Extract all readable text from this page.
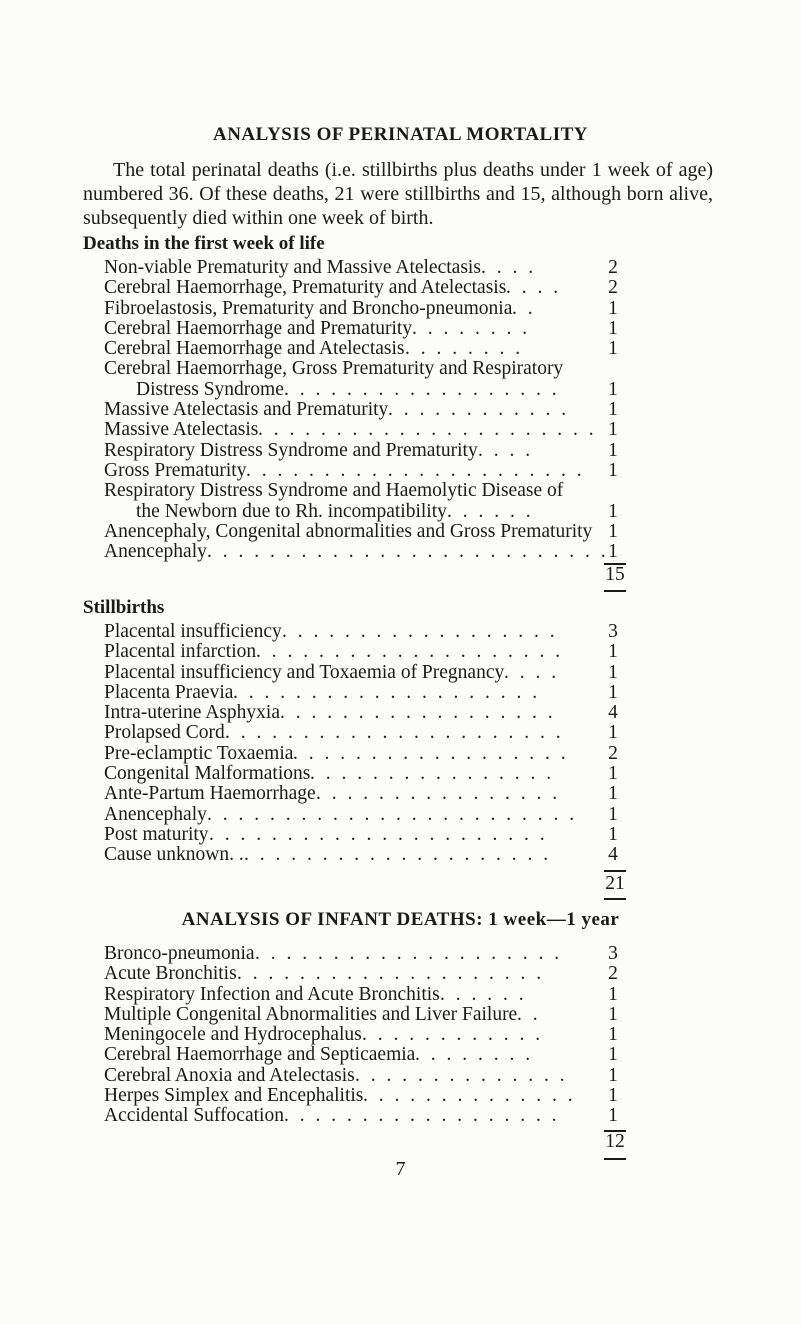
ANALYSIS OF PERINATAL MORTALITY
The total perinatal deaths (i.e. stillbirths plus deaths under 1 week of age) numbered 36. Of these deaths, 21 were stillbirths and 15, although born alive, subsequently died within one week of birth.
Deaths in the first week of life
Non-viable Prematurity and Massive Atelectasis . . . .	2
Cerebral Haemorrhage, Prematurity and Atelectasis . . . .	2
Fibroelastosis, Prematurity and Broncho-pneumonia . .	1
Cerebral Haemorrhage and Prematurity . . . . . . . .	1
Cerebral Haemorrhage and Atelectasis . . . . . . . .	1
Cerebral Haemorrhage, Gross Prematurity and Respiratory
Distress Syndrome . . . . . . . . . . . . . . . . . .	1
Massive Atelectasis and Prematurity . . . . . . . . . . . .	1
Massive Atelectasis . . . . . . . . . . . . . . . . . . . . . . 1
Respiratory Distress Syndrome and Prematurity . . . .	1
Gross Prematurity . . . . . . . . . . . . . . . . . . . . . .	1
Respiratory Distress Syndrome and Haemolytic Disease of
the Newborn due to Rh. incompatibility . . . . . .	1
Anencephaly, Congenital abnormalities and Gross Prematurity 1
Anencephaly . . . . . . . . . . . . . . . . . . . . . . . . . . 1
15
Stillbirths
Placental insufficiency . . . . . . . . . . . . . . . . . .	3
Placental infarction . . . . . . . . . . . . . . . . . . . .	1
Placental insufficiency and Toxaemia of Pregnancy . . . .	1
Placenta Praevia . . . . . . . . . . . . . . . . . . . .	1
Intra-uterine Asphyxia . . . . . . . . . . . . . . . . . .	4
Prolapsed Cord . . . . . . . . . . . . . . . . . . . . . .	1
Pre-eclamptic Toxaemia . . . . . . . . . . . . . . . . . .	2
Congenital Malformations . . . . . . . . . . . . . . . .	1
Ante-Partum Haemorrhage . . . . . . . . . . . . . . . .	1
Anencephaly . . . . . . . . . . . . . . . . . . . . . . . .	1
Post maturity . . . . . . . . . . . . . . . . . . . . . .	1
Cause unknown. . . . . . . . . . . . . . . . . . . . . .	4
21
ANALYSIS OF INFANT DEATHS: 1 week—1 year
Bronco-pneumonia . . . . . . . . . . . . . . . . . . . .	3
Acute Bronchitis . . . . . . . . . . . . . . . . . . . .	2
Respiratory Infection and Acute Bronchitis . . . . . .	1
Multiple Congenital Abnormalities and Liver Failure . .	1
Meningocele and Hydrocephalus . . . . . . . . . . . .	1
Cerebral Haemorrhage and Septicaemia . . . . . . . .	1
Cerebral Anoxia and Atelectasis . . . . . . . . . . . . . .	1
Herpes Simplex and Encephalitis . . . . . . . . . . . . . .	1
Accidental Suffocation . . . . . . . . . . . . . . . . . .	1
12
7
